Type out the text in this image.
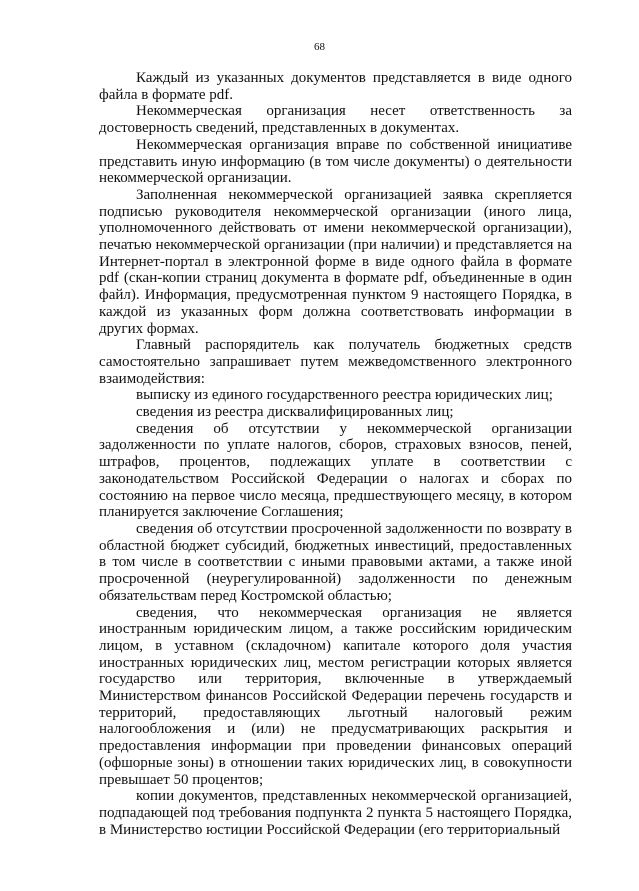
68

Каждый из указанных документов представляется в виде одного файла в формате pdf.

Некоммерческая организация несет ответственность за достоверность сведений, представленных в документах.

Некоммерческая организация вправе по собственной инициативе представить иную информацию (в том числе документы) о деятельности некоммерческой организации.

Заполненная некоммерческой организацией заявка скрепляется подписью руководителя некоммерческой организации (иного лица, уполномоченного действовать от имени некоммерческой организации), печатью некоммерческой организации (при наличии) и представляется на Интернет-портал в электронной форме в виде одного файла в формате pdf (скан-копии страниц документа в формате pdf, объединенные в один файл). Информация, предусмотренная пунктом 9 настоящего Порядка, в каждой из указанных форм должна соответствовать информации в других формах.

Главный распорядитель как получатель бюджетных средств самостоятельно запрашивает путем межведомственного электронного взаимодействия:

выписку из единого государственного реестра юридических лиц;

сведения из реестра дисквалифицированных лиц;

сведения об отсутствии у некоммерческой организации задолженности по уплате налогов, сборов, страховых взносов, пеней, штрафов, процентов, подлежащих уплате в соответствии с законодательством Российской Федерации о налогах и сборах по состоянию на первое число месяца, предшествующего месяцу, в котором планируется заключение Соглашения;

сведения об отсутствии просроченной задолженности по возврату в областной бюджет субсидий, бюджетных инвестиций, предоставленных в том числе в соответствии с иными правовыми актами, а также иной просроченной (неурегулированной) задолженности по денежным обязательствам перед Костромской областью;

сведения, что некоммерческая организация не является иностранным юридическим лицом, а также российским юридическим лицом, в уставном (складочном) капитале которого доля участия иностранных юридических лиц, местом регистрации которых является государство или территория, включенные в утверждаемый Министерством финансов Российской Федерации перечень государств и территорий, предоставляющих льготный налоговый режим налогообложения и (или) не предусматривающих раскрытия и предоставления информации при проведении финансовых операций (офшорные зоны) в отношении таких юридических лиц, в совокупности превышает 50 процентов;

копии документов, представленных некоммерческой организацией, подпадающей под требования подпункта 2 пункта 5 настоящего Порядка, в Министерство юстиции Российской Федерации (его территориальный
